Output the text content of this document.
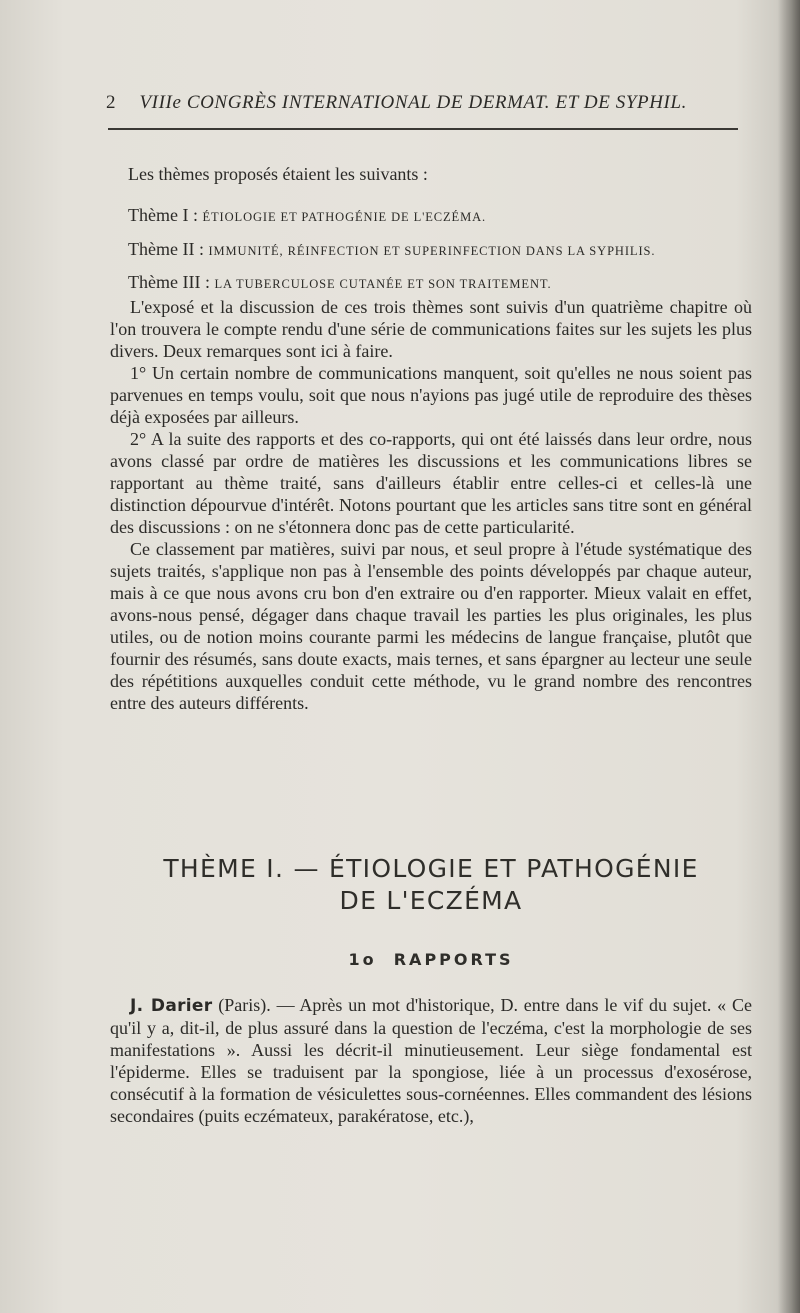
2 VIIIe CONGRÈS INTERNATIONAL DE DERMAT. ET DE SYPHIL.
Les thèmes proposés étaient les suivants :
Thème I : ÉTIOLOGIE ET PATHOGÉNIE DE L'ECZÉMA.
Thème II : IMMUNITÉ, RÉINFECTION ET SUPERINFECTION DANS LA SYPHILIS.
Thème III : LA TUBERCULOSE CUTANÉE ET SON TRAITEMENT.

L'exposé et la discussion de ces trois thèmes sont suivis d'un quatrième chapitre où l'on trouvera le compte rendu d'une série de communications faites sur les sujets les plus divers. Deux remarques sont ici à faire.

1° Un certain nombre de communications manquent, soit qu'elles ne nous soient pas parvenues en temps voulu, soit que nous n'ayions pas jugé utile de reproduire des thèses déjà exposées par ailleurs.

2° A la suite des rapports et des co-rapports, qui ont été laissés dans leur ordre, nous avons classé par ordre de matières les discussions et les communications libres se rapportant au thème traité, sans d'ailleurs établir entre celles-ci et celles-là une distinction dépourvue d'intérêt. Notons pourtant que les articles sans titre sont en général des discussions : on ne s'étonnera donc pas de cette particularité.

Ce classement par matières, suivi par nous, et seul propre à l'étude systématique des sujets traités, s'applique non pas à l'ensemble des points développés par chaque auteur, mais à ce que nous avons cru bon d'en extraire ou d'en rapporter. Mieux valait en effet, avons-nous pensé, dégager dans chaque travail les parties les plus originales, les plus utiles, ou de notion moins courante parmi les médecins de langue française, plutôt que fournir des résumés, sans doute exacts, mais ternes, et sans épargner au lecteur une seule des répétitions auxquelles conduit cette méthode, vu le grand nombre des rencontres entre des auteurs différents.

THÈME I. — ÉTIOLOGIE ET PATHOGÉNIE
DE L'ECZÉMA
1o RAPPORTS

J. Darier (Paris). — Après un mot d'historique, D. entre dans le vif du sujet. « Ce qu'il y a, dit-il, de plus assuré dans la question de l'eczéma, c'est la morphologie de ses manifestations ». Aussi les décrit-il minutieusement. Leur siège fondamental est l'épiderme. Elles se traduisent par la spongiose, liée à un processus d'exosérose, consécutif à la formation de vésiculettes sous-cornéennes. Elles commandent des lésions secondaires (puits eczémateux, parakératose, etc.),
